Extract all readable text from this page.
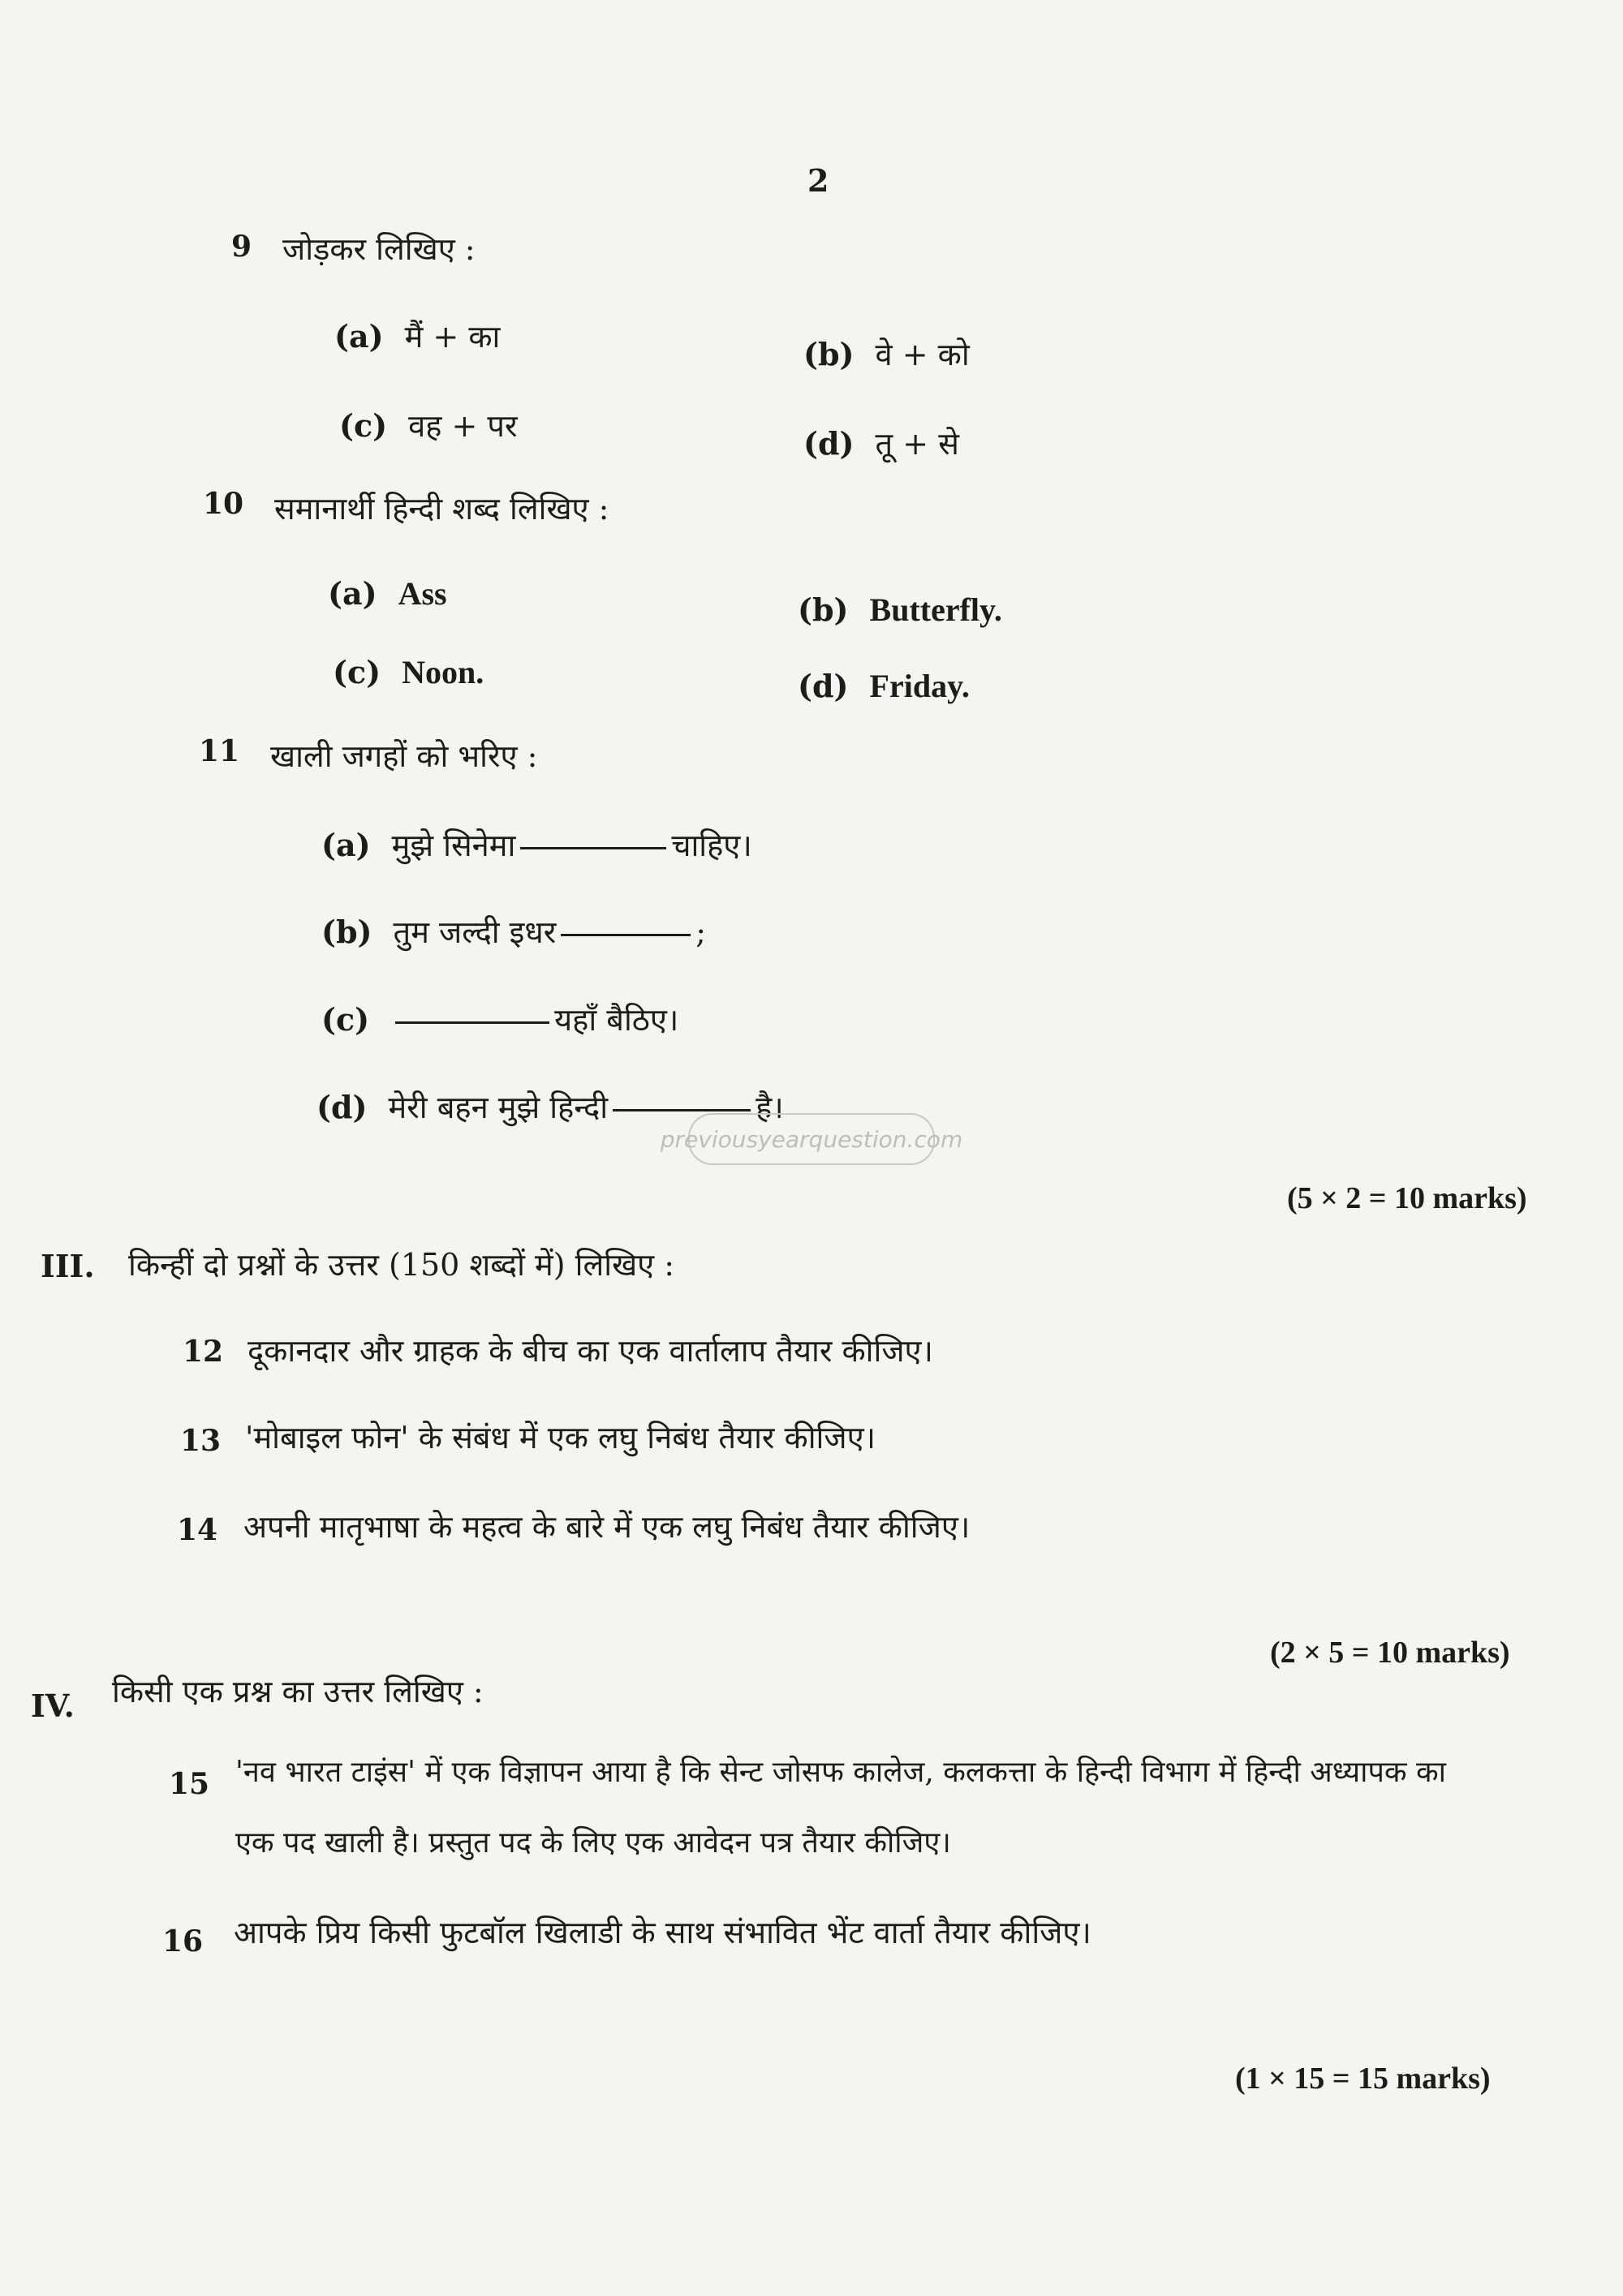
2
9 जोड़कर लिखिए :
(a) मैं + का	(b) वे + को
(c) वह + पर	(d) तू + से
10 समानार्थी हिन्दी शब्द लिखिए :
(a) Ass	(b) Butterfly.
(c) Noon.	(d) Friday.
11 खाली जगहों को भरिए :
(a) मुझे सिनेमा	चाहिए।
(b) तुम जल्दी इधर	;
(c)	यहाँ बैठिए।
(d) मेरी बहन मुझे हिन्दी	है।
previousyearquestion.com
(5 × 2 = 10 marks)
III. किन्हीं दो प्रश्नों के उत्तर (150 शब्दों में) लिखिए :
12 दूकानदार और ग्राहक के बीच का एक वार्तालाप तैयार कीजिए।
13 'मोबाइल फोन' के संबंध में एक लघु निबंध तैयार कीजिए।
14 अपनी मातृभाषा के महत्व के बारे में एक लघु निबंध तैयार कीजिए।
(2 × 5 = 10 marks)
IV. किसी एक प्रश्न का उत्तर लिखिए :
15 'नव भारत टाइंस' में एक विज्ञापन आया है कि सेन्ट जोसफ कालेज, कलकत्ता के हिन्दी विभाग में हिन्दी अध्यापक का
एक पद खाली है। प्रस्तुत पद के लिए एक आवेदन पत्र तैयार कीजिए।
16 आपके प्रिय किसी फुटबॉल खिलाडी के साथ संभावित भेंट वार्ता तैयार कीजिए।
(1 × 15 = 15 marks)
